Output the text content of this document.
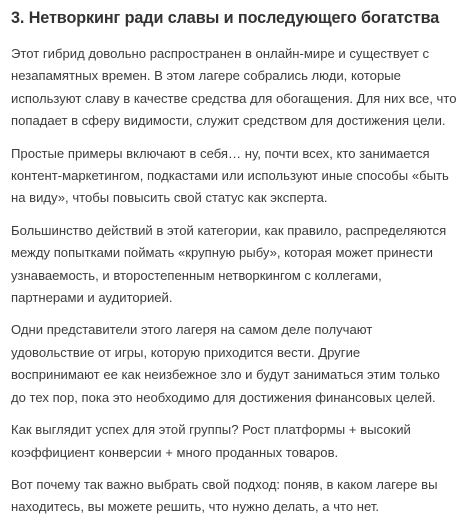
3. Нетворкинг ради славы и последующего богатства

Этот гибрид довольно распространен в онлайн-мире и существует с
незапамятных времен. В этом лагере собрались люди, которые
используют славу в качестве средства для обогащения. Для них все, что
попадает в сферу видимости, служит средством для достижения цели.

Простые примеры включают в себя… ну, почти всех, кто занимается
контент-маркетингом, подкастами или используют иные способы «быть
на виду», чтобы повысить свой статус как эксперта.

Большинство действий в этой категории, как правило, распределяются
между попытками поймать «крупную рыбу», которая может принести
узнаваемость, и второстепенным нетворкингом с коллегами,
партнерами и аудиторией.

Одни представители этого лагеря на самом деле получают
удовольствие от игры, которую приходится вести. Другие
воспринимают ее как неизбежное зло и будут заниматься этим только
до тех пор, пока это необходимо для достижения финансовых целей.

Как выглядит успех для этой группы? Рост платформы + высокий
коэффициент конверсии + много проданных товаров.

Вот почему так важно выбрать свой подход: поняв, в каком лагере вы
находитесь, вы можете решить, что нужно делать, а что нет.
